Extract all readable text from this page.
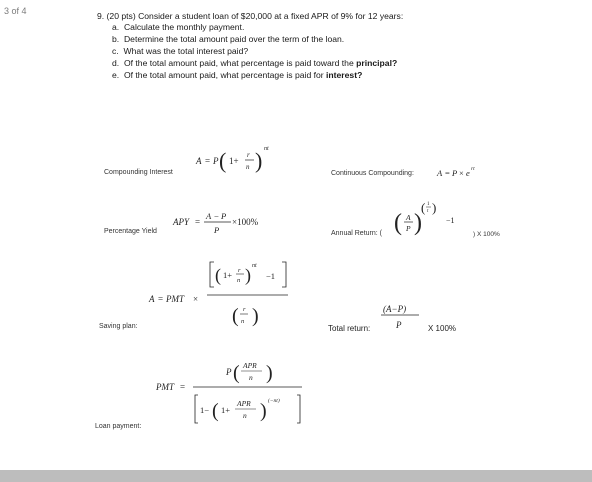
3 of 4	9. (20 pts) Consider a student loan of $20,000 at a fixed APR of 9% for 12 years:
a. Calculate the monthly payment.
b. Determine the total amount paid over the term of the loan.
c. What was the total interest paid?
d. Of the total amount paid, what percentage is paid toward the principal?
e. Of the total amount paid, what percentage is paid for interest?
Compounding Interest	Continuous Compounding:
Percentage Yield	Annual Return: (	) X 100%
Saving plan:	Total return:	X 100%
Loan payment:
A = P ( 1+
r
n ) nt
A = P × e rt
APY =
A − P
P
×100%	( A
P )
( 1
t )
−1
A = PMT ×
( 1+ r
n ) nt
−1
( r
n )	(A−P)
P
PMT =
P ( APR
n )
1− ( 1+
APR
n ) (−nt)
